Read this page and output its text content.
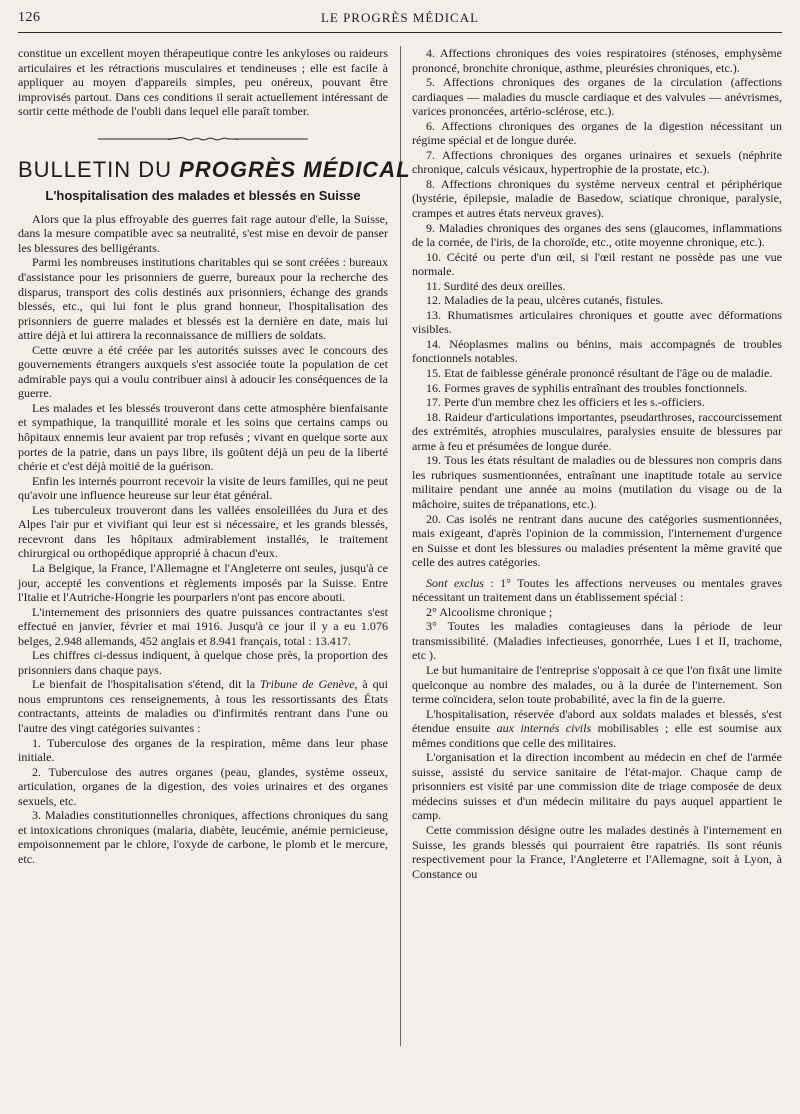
126	LE PROGRÈS MÉDICAL

constitue un excellent moyen thérapeutique contre les ankyloses ou raideurs articulaires et les rétractions musculaires et tendineuses ; elle est facile à appliquer au moyen d'appareils simples, peu onéreux, pouvant être improvisés partout. Dans ces conditions il serait actuellement intéressant de sortir cette méthode de l'oubli dans lequel elle paraît tomber.

BULLETIN DU PROGRÈS MÉDICAL
L'hospitalisation des malades et blessés en Suisse

Alors que la plus effroyable des guerres fait rage autour d'elle, la Suisse, dans la mesure compatible avec sa neutralité, s'est mise en devoir de panser les blessures des belligérants.

Parmi les nombreuses institutions charitables qui se sont créées : bureaux d'assistance pour les prisonniers de guerre, bureaux pour la recherche des disparus, transport des colis destinés aux prisonniers, échange des grands blessés, etc., qui lui font le plus grand honneur, l'hospitalisation des prisonniers de guerre malades et blessés est la dernière en date, mais lui attire déjà et lui attirera la reconnaissance de milliers de soldats.

Cette œuvre a été créée par les autorités suisses avec le concours des gouvernements étrangers auxquels s'est associée toute la population de cet admirable pays qui a voulu contribuer ainsi à adoucir les conséquences de la guerre.

Les malades et les blessés trouveront dans cette atmosphère bienfaisante et sympathique, la tranquillité morale et les soins que certains camps ou hôpitaux ennemis leur avaient par trop refusés ; vivant en quelque sorte aux portes de la patrie, dans un pays libre, ils goûtent déjà un peu de la liberté chérie et c'est déjà moitié de la guérison.

Enfin les internés pourront recevoir la visite de leurs familles, qui ne peut qu'avoir une influence heureuse sur leur état général.

Les tuberculeux trouveront dans les vallées ensoleillées du Jura et des Alpes l'air pur et vivifiant qui leur est si nécessaire, et les grands blessés, recevront dans les hôpitaux admirablement installés, le traitement chirurgical ou orthopédique approprié à chacun d'eux.

La Belgique, la France, l'Allemagne et l'Angleterre ont seules, jusqu'à ce jour, accepté les conventions et règlements imposés par la Suisse. Entre l'Italie et l'Autriche-Hongrie les pourparlers n'ont pas encore abouti.

L'internement des prisonniers des quatre puissances contractantes s'est effectué en janvier, février et mai 1916. Jusqu'à ce jour il y a eu 1.076 belges, 2.948 allemands, 452 anglais et 8.941 français, total : 13.417.

Les chiffres ci-dessus indiquent, à quelque chose près, la proportion des prisonniers dans chaque pays.

Le bienfait de l'hospitalisation s'étend, dit la Tribune de Genève, à qui nous empruntons ces renseignements, à tous les ressortissants des États contractants, atteints de maladies ou d'infirmités rentrant dans l'une ou l'autre des vingt catégories suivantes :

1. Tuberculose des organes de la respiration, même dans leur phase initiale.

2. Tuberculose des autres organes (peau, glandes, système osseux, articulation, organes de la digestion, des voies urinaires et des organes sexuels, etc.

3. Maladies constitutionnelles chroniques, affections chroniques du sang et intoxications chroniques (malaria, diabète, leucémie, anémie pernicieuse, empoisonnement par le chlore, l'oxyde de carbone, le plomb et le mercure, etc.

4. Affections chroniques des voies respiratoires (sténoses, emphysème prononcé, bronchite chronique, asthme, pleurésies chroniques, etc.).

5. Affections chroniques des organes de la circulation (affections cardiaques — maladies du muscle cardiaque et des valvules — anévrismes, varices prononcées, artério-sclérose, etc.).

6. Affections chroniques des organes de la digestion nécessitant un régime spécial et de longue durée.

7. Affections chroniques des organes urinaires et sexuels (néphrite chronique, calculs vésicaux, hypertrophie de la prostate, etc.).

8. Affections chroniques du système nerveux central et périphérique (hystérie, épilepsie, maladie de Basedow, sciatique chronique, paralysie, crampes et autres états nerveux graves).

9. Maladies chroniques des organes des sens (glaucomes, inflammations de la cornée, de l'iris, de la choroïde, etc., otite moyenne chronique, etc.).

10. Cécité ou perte d'un œil, si l'œil restant ne possède pas une vue normale.

11. Surdité des deux oreilles.

12. Maladies de la peau, ulcères cutanés, fistules.

13. Rhumatismes articulaires chroniques et goutte avec déformations visibles.

14. Néoplasmes malins ou bénins, mais accompagnés de troubles fonctionnels notables.

15. Etat de faiblesse générale prononcé résultant de l'âge ou de maladie.

16. Formes graves de syphilis entraînant des troubles fonctionnels.

17. Perte d'un membre chez les officiers et les s.-officiers.

18. Raideur d'articulations importantes, pseudarthroses, raccourcissement des extrémités, atrophies musculaires, paralysies ensuite de blessures par arme à feu et présumées de longue durée.

19. Tous les états résultant de maladies ou de blessures non compris dans les rubriques susmentionnées, entraînant une inaptitude totale au service militaire pendant une année au moins (mutilation du visage ou de la mâchoire, suites de trépanations, etc.).

20. Cas isolés ne rentrant dans aucune des catégories susmentionnées, mais exigeant, d'après l'opinion de la commission, l'internement d'urgence en Suisse et dont les blessures ou maladies présentent la même gravité que celle des autres catégories.

Sont exclus : 1° Toutes les affections nerveuses ou mentales graves nécessitant un traitement dans un établissement spécial :

2° Alcoolisme chronique ;

3° Toutes les maladies contagieuses dans la période de leur transmissibilité. (Maladies infectieuses, gonorrhée, Lues I et II, trachome, etc ).

Le but humanitaire de l'entreprise s'opposait à ce que l'on fixât une limite quelconque au nombre des malades, ou à la durée de l'internement. Son terme coïncidera, selon toute probabilité, avec la fin de la guerre.

L'hospitalisation, réservée d'abord aux soldats malades et blessés, s'est étendue ensuite aux internés civils mobilisables ; elle est soumise aux mêmes conditions que celle des militaires.

L'organisation et la direction incombent au médecin en chef de l'armée suisse, assisté du service sanitaire de l'état-major. Chaque camp de prisonniers est visité par une commission dite de triage composée de deux médecins suisses et d'un médecin militaire du pays auquel appartient le camp.

Cette commission désigne outre les malades destinés à l'internement en Suisse, les grands blessés qui pourraient être rapatriés. Ils sont réunis respectivement pour la France, l'Angleterre et l'Allemagne, soit à Lyon, à Constance ou
